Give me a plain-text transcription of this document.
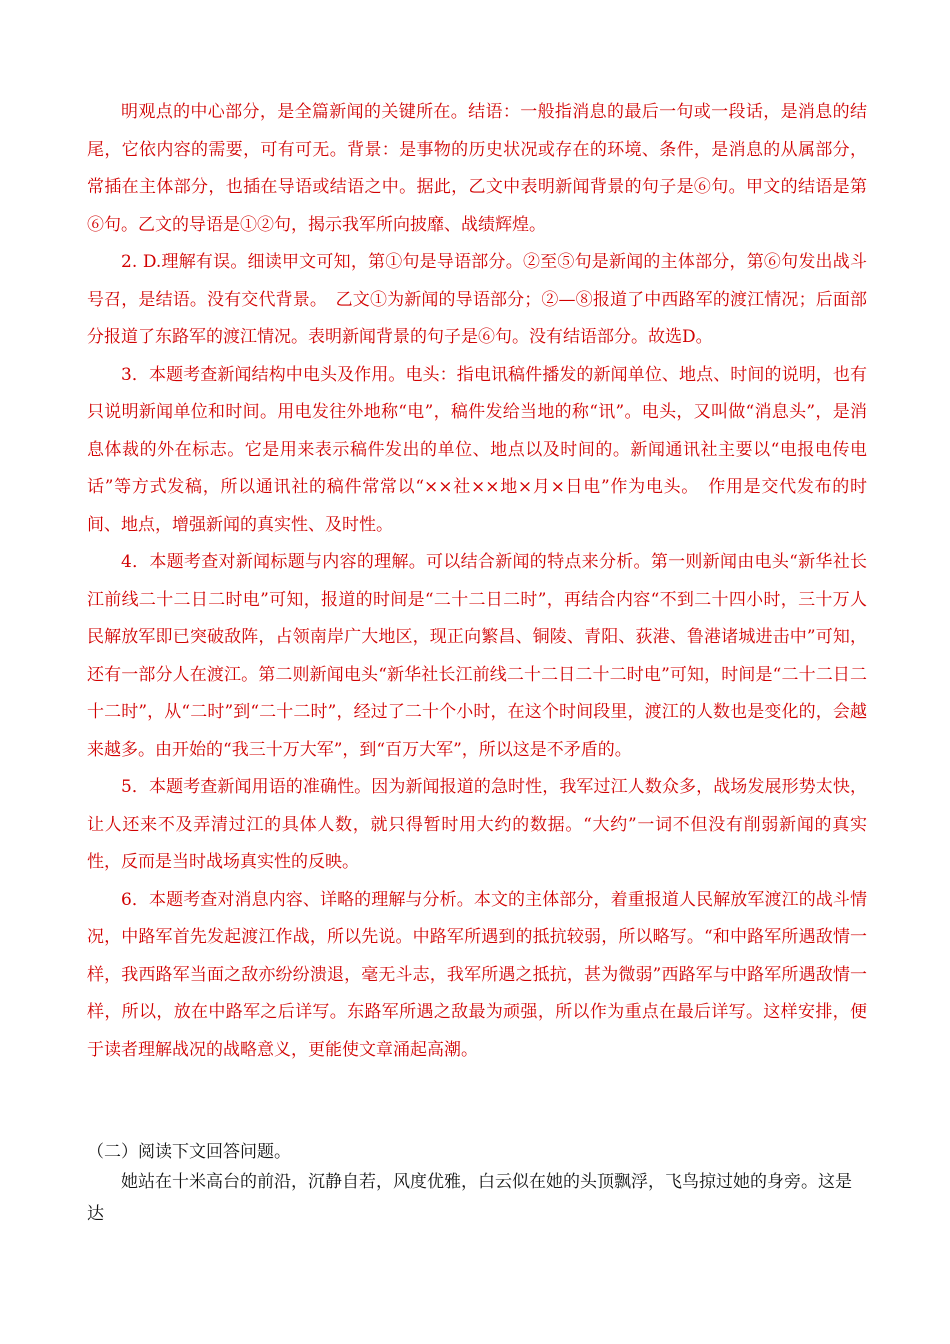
明观点的中心部分，是全篇新闻的关键所在。结语：一般指消息的最后一句或一段话，是消息的结尾，它依内容的需要，可有可无。背景：是事物的历史状况或存在的环境、条件，是消息的从属部分，常插在主体部分，也插在导语或结语之中。据此，乙文中表明新闻背景的句子是⑥句。甲文的结语是第⑥句。乙文的导语是①②句，揭示我军所向披靡、战绩辉煌。

2. D.理解有误。细读甲文可知，第①句是导语部分。②至⑤句是新闻的主体部分，第⑥句发出战斗号召，是结语。没有交代背景。　乙文①为新闻的导语部分；②—⑧报道了中西路军的渡江情况；后面部分报道了东路军的渡江情况。表明新闻背景的句子是⑥句。没有结语部分。故选D。

3．本题考查新闻结构中电头及作用。电头：指电讯稿件播发的新闻单位、地点、时间的说明，也有只说明新闻单位和时间。用电发往外地称“电”，稿件发给当地的称“讯”。电头，又叫做“消息头”，是消息体裁的外在标志。它是用来表示稿件发出的单位、地点以及时间的。新闻通讯社主要以“电报电传电话”等方式发稿，所以通讯社的稿件常常以“××社××地×月×日电”作为电头。　作用是交代发布的时间、地点，增强新闻的真实性、及时性。

4．本题考查对新闻标题与内容的理解。可以结合新闻的特点来分析。第一则新闻由电头“新华社长江前线二十二日二时电”可知，报道的时间是“二十二日二时”，再结合内容“不到二十四小时，三十万人民解放军即已突破敌阵，占领南岸广大地区，现正向繁昌、铜陵、青阳、荻港、鲁港诸城进击中”可知，还有一部分人在渡江。第二则新闻电头“新华社长江前线二十二日二十二时电”可知，时间是“二十二日二十二时”，从“二时”到“二十二时”，经过了二十个小时，在这个时间段里，渡江的人数也是变化的，会越来越多。由开始的“我三十万大军”，到“百万大军”，所以这是不矛盾的。

5．本题考查新闻用语的准确性。因为新闻报道的急时性，我军过江人数众多，战场发展形势太快，让人还来不及弄清过江的具体人数，就只得暂时用大约的数据。“大约”一词不但没有削弱新闻的真实性，反而是当时战场真实性的反映。

6．本题考查对消息内容、详略的理解与分析。本文的主体部分，着重报道人民解放军渡江的战斗情况，中路军首先发起渡江作战，所以先说。中路军所遇到的抵抗较弱，所以略写。“和中路军所遇敌情一样，我西路军当面之敌亦纷纷溃退，毫无斗志，我军所遇之抵抗，甚为微弱”西路军与中路军所遇敌情一样，所以，放在中路军之后详写。东路军所遇之敌最为顽强，所以作为重点在最后详写。这样安排，便于读者理解战况的战略意义，更能使文章涌起高潮。

（二）阅读下文回答问题。

她站在十米高台的前沿，沉静自若，风度优雅，白云似在她的头顶飘浮，飞鸟掠过她的身旁。这是达
